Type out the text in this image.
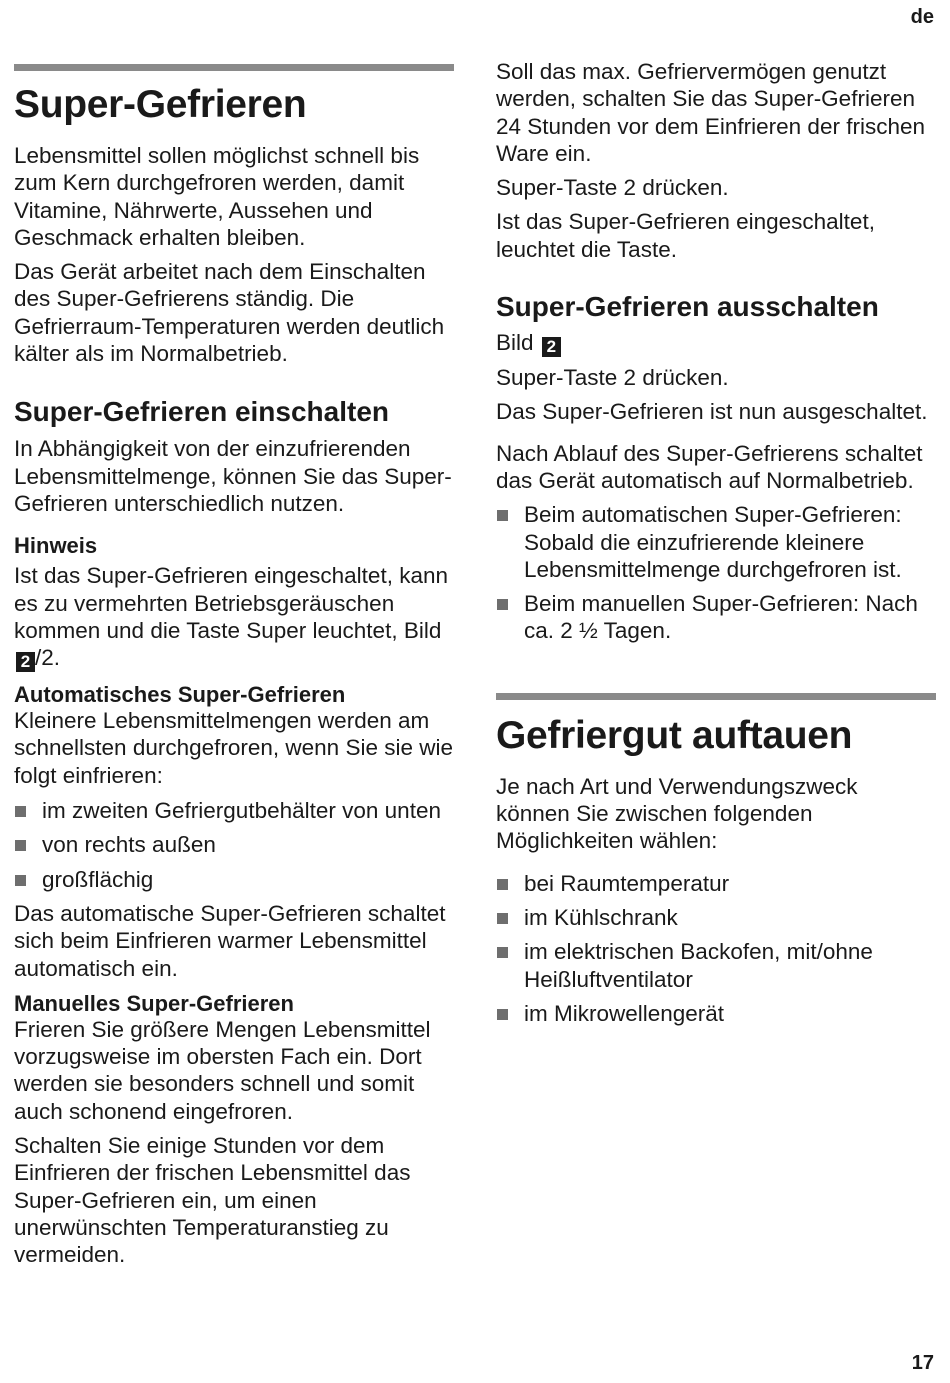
de
Super-Gefrieren

Lebensmittel sollen möglichst schnell bis zum Kern durchgefroren werden, damit Vitamine, Nährwerte, Aussehen und Geschmack erhalten bleiben.

Das Gerät arbeitet nach dem Einschalten des Super-Gefrierens ständig. Die Gefrierraum-Temperaturen werden deutlich kälter als im Normalbetrieb.

Super-Gefrieren einschalten

In Abhängigkeit von der einzufrierenden Lebensmittelmenge, können Sie das Super-Gefrieren unterschiedlich nutzen.

Hinweis

Ist das Super-Gefrieren eingeschaltet, kann es zu vermehrten Betriebsgeräuschen kommen und die Taste Super leuchtet, Bild 2 /2.

Automatisches Super-Gefrieren

Kleinere Lebensmittelmengen werden am schnellsten durchgefroren, wenn Sie sie wie folgt einfrieren:

im zweiten Gefriergutbehälter von unten
von rechts außen
großflächig

Das automatische Super-Gefrieren schaltet sich beim Einfrieren warmer Lebensmittel automatisch ein.

Manuelles Super-Gefrieren

Frieren Sie größere Mengen Lebensmittel vorzugsweise im obersten Fach ein. Dort werden sie besonders schnell und somit auch schonend eingefroren.

Schalten Sie einige Stunden vor dem Einfrieren der frischen Lebensmittel das Super-Gefrieren ein, um einen unerwünschten Temperaturanstieg zu vermeiden.

Soll das max. Gefriervermögen genutzt werden, schalten Sie das Super-Gefrieren 24 Stunden vor dem Einfrieren der frischen Ware ein.

Super-Taste 2 drücken.

Ist das Super-Gefrieren eingeschaltet, leuchtet die Taste.

Super-Gefrieren ausschalten

Bild 2

Super-Taste 2 drücken.

Das Super-Gefrieren ist nun ausgeschaltet.

Nach Ablauf des Super-Gefrierens schaltet das Gerät automatisch auf Normalbetrieb.

Beim automatischen Super-Gefrieren: Sobald die einzufrierende kleinere Lebensmittelmenge durchgefroren ist.
Beim manuellen Super-Gefrieren: Nach ca. 2 ½ Tagen.
Gefriergut auftauen

Je nach Art und Verwendungszweck können Sie zwischen folgenden Möglichkeiten wählen:

bei Raumtemperatur
im Kühlschrank
im elektrischen Backofen, mit/ohne Heißluftventilator
im Mikrowellengerät
17
